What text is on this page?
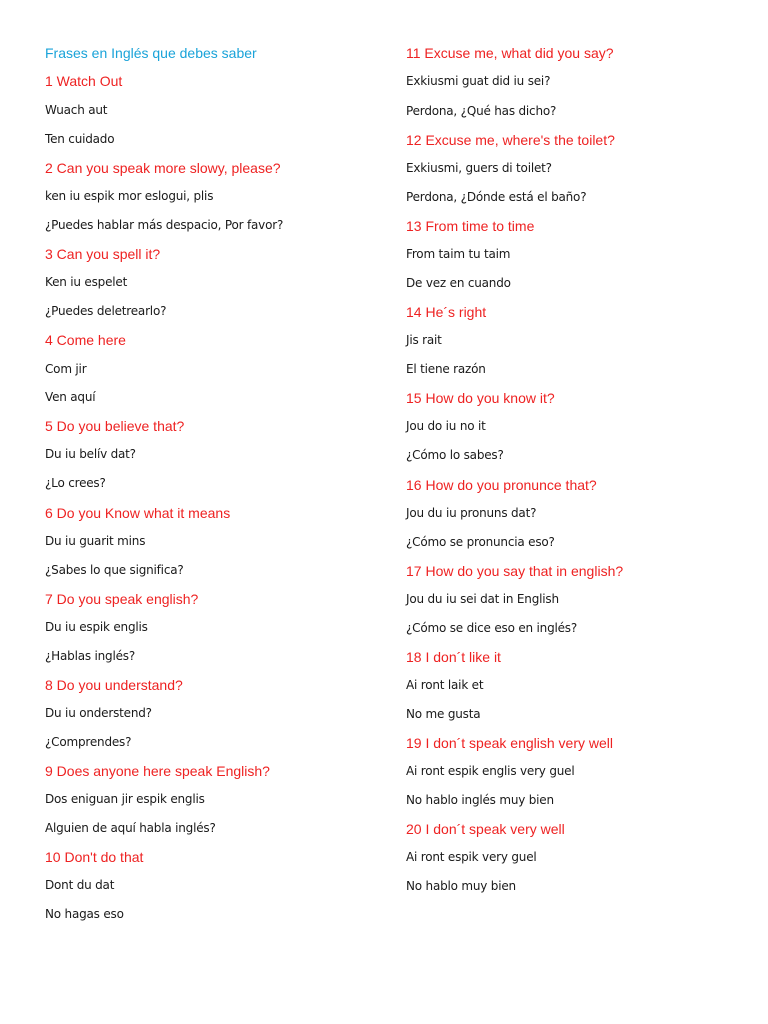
Frases en Inglés que debes saber
1 Watch Out
Wuach aut
Ten cuidado
2 Can you speak more slowy, please?
ken iu espik mor eslogui, plis
¿Puedes hablar más despacio, Por favor?
3 Can you spell it?
Ken iu espelet
¿Puedes deletrearlo?
4 Come here
Com jir
Ven aquí
5 Do you believe that?
Du iu belív dat?
¿Lo crees?
6 Do you Know what it means
Du iu guarit mins
¿Sabes lo que significa?
7 Do you speak english?
Du iu espik englis
¿Hablas inglés?
8 Do you understand?
Du iu onderstend?
¿Comprendes?
9 Does anyone here speak English?
Dos eniguan jir espik englis
Alguien de aquí habla inglés?
10 Don't do that
Dont du dat
No hagas eso
11 Excuse me, what did you say?
Exkiusmi guat did iu sei?
Perdona, ¿Qué has dicho?
12 Excuse me, where's the toilet?
Exkiusmi, guers di toilet?
Perdona, ¿Dónde está el baño?
13 From time to time
From taim tu taim
De vez en cuando
14 He´s right
Jis rait
El tiene razón
15 How do you know it?
Jou do iu no it
¿Cómo lo sabes?
16 How do you pronunce that?
Jou du iu pronuns dat?
¿Cómo se pronuncia eso?
17 How do you say that in english?
Jou du iu sei dat in English
¿Cómo se dice eso en inglés?
18 I don´t like it
Ai ront laik et
No me gusta
19 I don´t speak english very well
Ai ront espik englis very guel
No hablo inglés muy bien
20 I don´t speak very well
Ai ront espik very guel
No hablo muy bien
